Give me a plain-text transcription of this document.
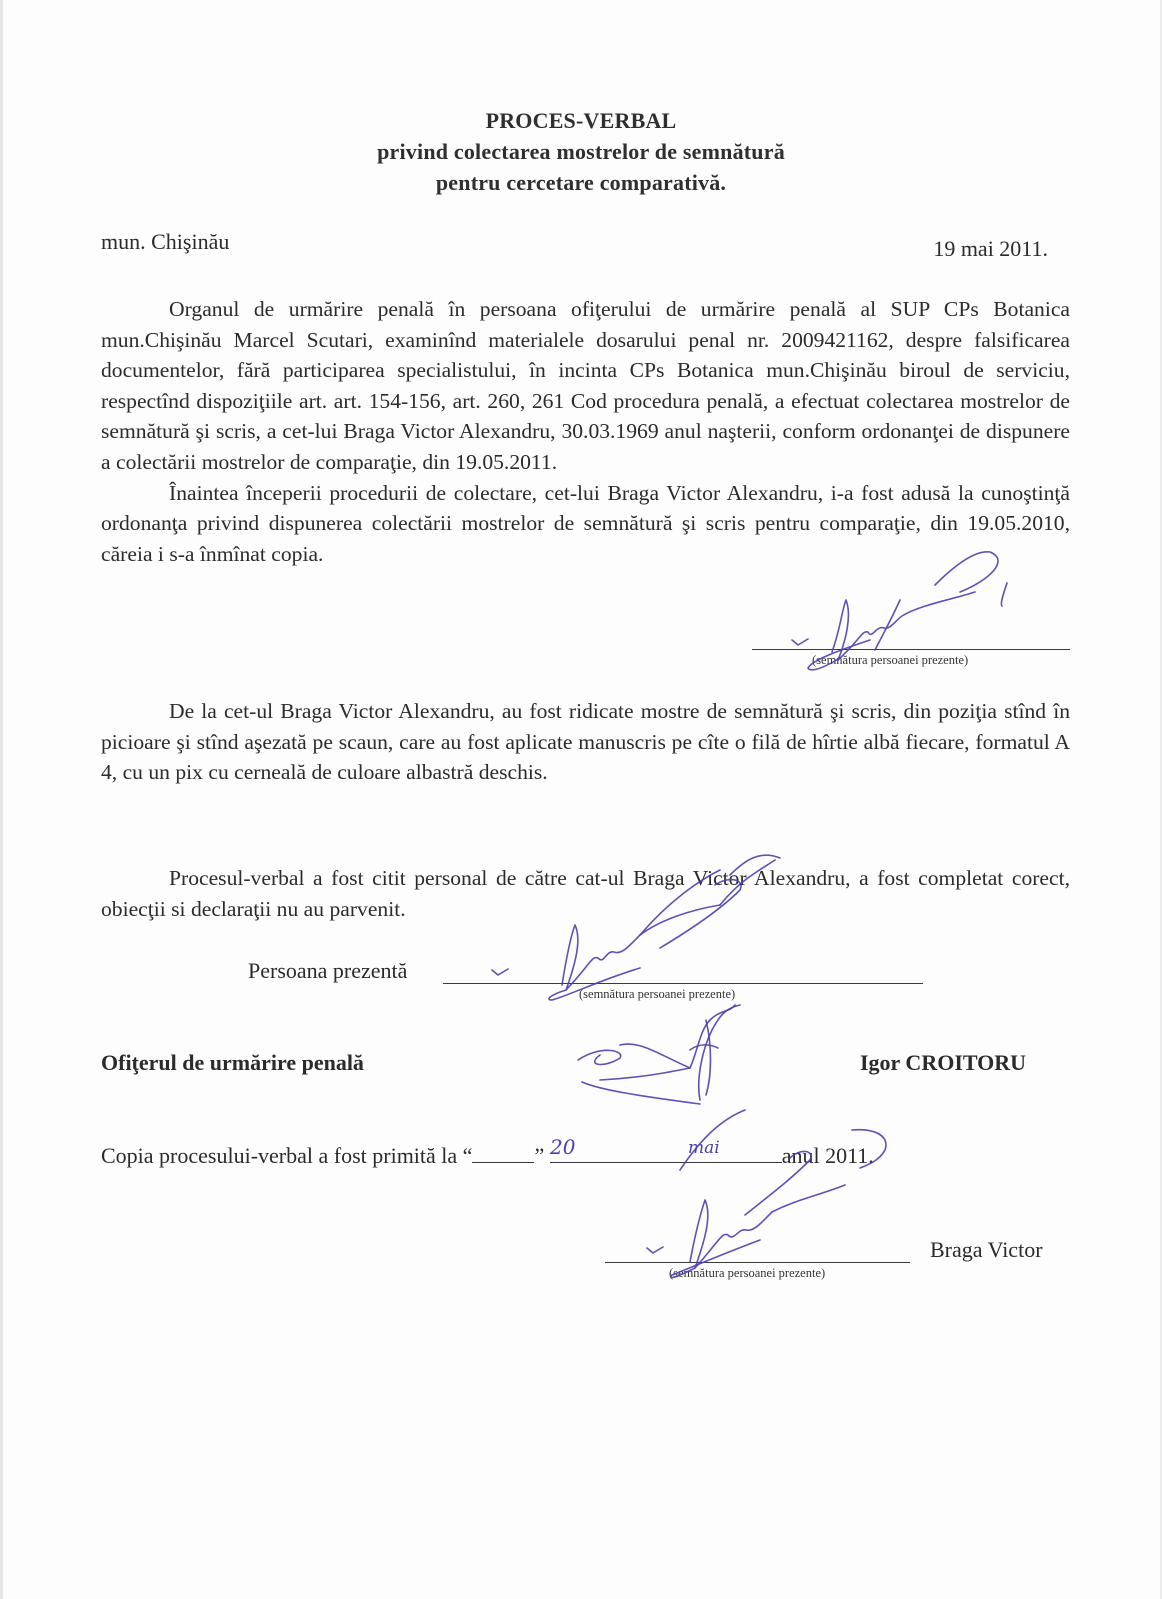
PROCES-VERBAL
privind colectarea mostrelor de semnătură
pentru cercetare comparativă.
mun. Chişinău	19 mai 2011.

Organul de urmărire penală în persoana ofiţerului de urmărire penală al SUP CPs Botanica mun.Chişinău Marcel Scutari, examinînd materialele dosarului penal nr. 2009421162, despre falsificarea documentelor, fără participarea specialistului, în incinta CPs Botanica mun.Chişinău biroul de serviciu, respectînd dispoziţiile art. art. 154-156, art. 260, 261 Cod procedura penală, a efectuat colectarea mostrelor de semnătură şi scris, a cet-lui Braga Victor Alexandru, 30.03.1969 anul naşterii, conform ordonanţei de dispunere a colectării mostrelor de comparaţie, din 19.05.2011.

Înaintea începerii procedurii de colectare, cet-lui Braga Victor Alexandru, i-a fost adusă la cunoştinţă ordonanţa privind dispunerea colectării mostrelor de semnătură şi scris pentru comparaţie, din 19.05.2010, căreia i s-a înmînat copia.

(semnătura persoanei prezente)

De la cet-ul Braga Victor Alexandru, au fost ridicate mostre de semnătură şi scris, din poziţia stînd în picioare şi stînd aşezată pe scaun, care au fost aplicate manuscris pe cîte o filă de hîrtie albă fiecare, formatul A 4, cu un pix cu cerneală de culoare albastră deschis.

Procesul-verbal a fost citit personal de către cat-ul Braga Victor Alexandru, a fost completat corect, obiecţii si declaraţii nu au parvenit.

Persoana prezentă
(semnătura persoanei prezente)
Ofiţerul de urmărire penală	Igor CROITORU
Copia procesului-verbal a fost primită la “	”	anul 2011.
20	mai
(semnătura persoanei prezente)
Braga Victor
